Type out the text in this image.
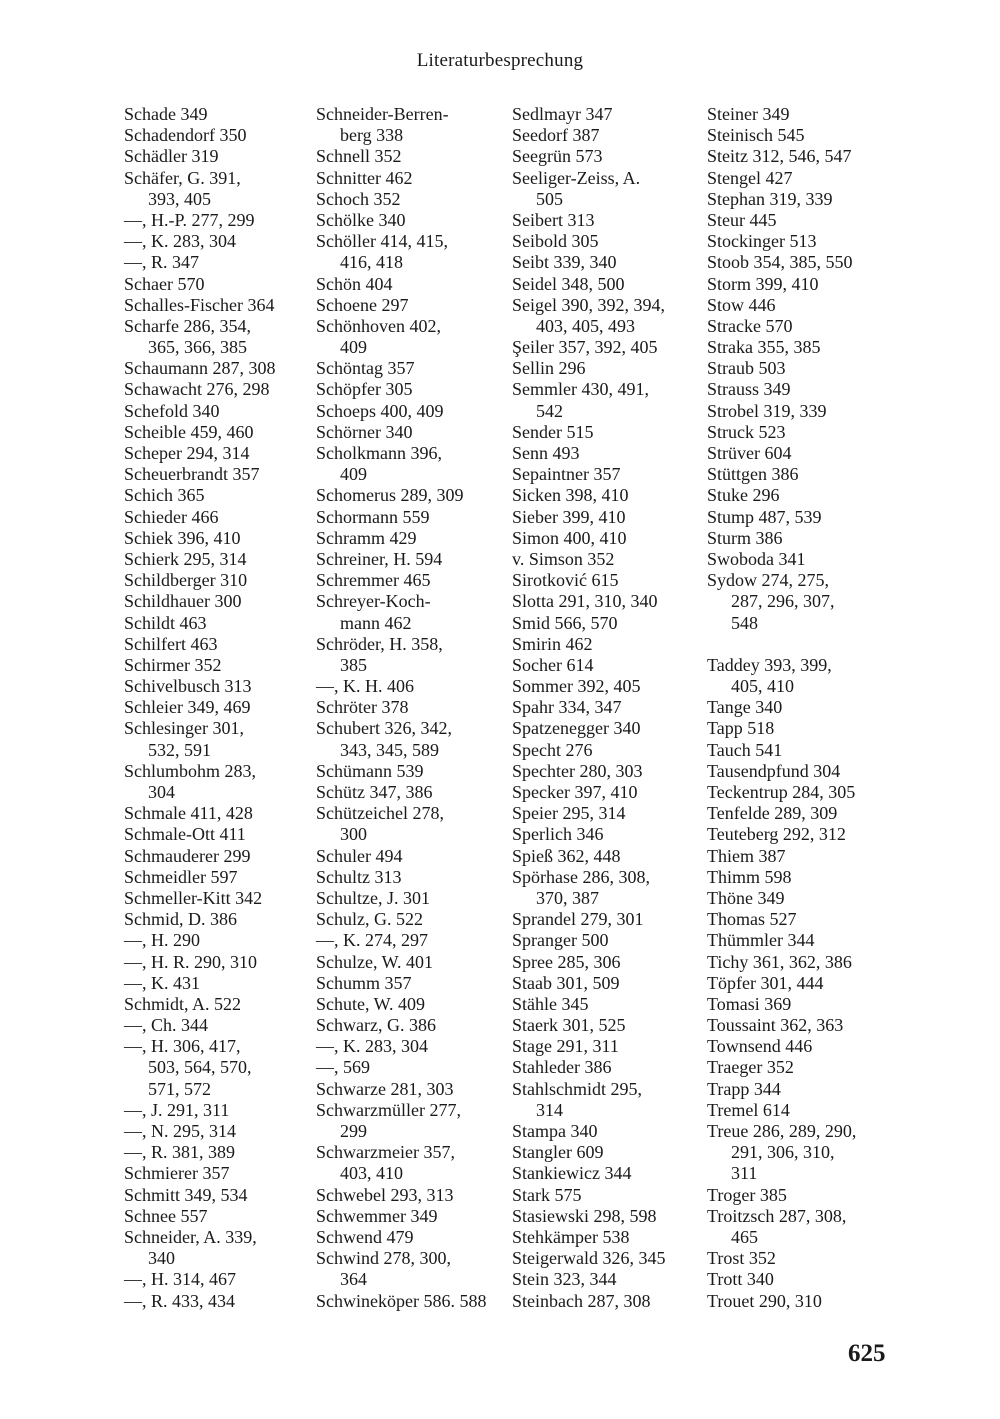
Literaturbesprechung
Schade 349
Schadendorf 350
Schädler 319
Schäfer, G. 391,
393, 405
—, H.-P. 277, 299
—, K. 283, 304
—, R. 347
Schaer 570
Schalles-Fischer 364
Scharfe 286, 354,
365, 366, 385
Schaumann 287, 308
Schawacht 276, 298
Schefold 340
Scheible 459, 460
Scheper 294, 314
Scheuerbrandt 357
Schich 365
Schieder 466
Schiek 396, 410
Schierk 295, 314
Schildberger 310
Schildhauer 300
Schildt 463
Schilfert 463
Schirmer 352
Schivelbusch 313
Schleier 349, 469
Schlesinger 301,
532, 591
Schlumbohm 283,
304
Schmale 411, 428
Schmale-Ott 411
Schmauderer 299
Schmeidler 597
Schmeller-Kitt 342
Schmid, D. 386
—, H. 290
—, H. R. 290, 310
—, K. 431
Schmidt, A. 522
—, Ch. 344
—, H. 306, 417,
503, 564, 570,
571, 572
—, J. 291, 311
—, N. 295, 314
—, R. 381, 389
Schmierer 357
Schmitt 349, 534
Schnee 557
Schneider, A. 339,
340
—, H. 314, 467
—, R. 433, 434
Schneider-Berren-
berg 338
Schnell 352
Schnitter 462
Schoch 352
Schölke 340
Schöller 414, 415,
416, 418
Schön 404
Schoene 297
Schönhoven 402,
409
Schöntag 357
Schöpfer 305
Schoeps 400, 409
Schörner 340
Scholkmann 396,
409
Schomerus 289, 309
Schormann 559
Schramm 429
Schreiner, H. 594
Schremmer 465
Schreyer-Koch-
mann 462
Schröder, H. 358,
385
—, K. H. 406
Schröter 378
Schubert 326, 342,
343, 345, 589
Schümann 539
Schütz 347, 386
Schützeichel 278,
300
Schuler 494
Schultz 313
Schultze, J. 301
Schulz, G. 522
—, K. 274, 297
Schulze, W. 401
Schumm 357
Schute, W. 409
Schwarz, G. 386
—, K. 283, 304
—, 569
Schwarze 281, 303
Schwarzmüller 277,
299
Schwarzmeier 357,
403, 410
Schwebel 293, 313
Schwemmer 349
Schwend 479
Schwind 278, 300,
364
Schwineköper 586. 588
Sedlmayr 347
Seedorf 387
Seegrün 573
Seeliger-Zeiss, A.
505
Seibert 313
Seibold 305
Seibt 339, 340
Seidel 348, 500
Seigel 390, 392, 394,
403, 405, 493
Şeiler 357, 392, 405
Sellin 296
Semmler 430, 491,
542
Sender 515
Senn 493
Sepaintner 357
Sicken 398, 410
Sieber 399, 410
Simon 400, 410
v. Simson 352
Sirotković 615
Slotta 291, 310, 340
Smid 566, 570
Smirin 462
Socher 614
Sommer 392, 405
Spahr 334, 347
Spatzenegger 340
Specht 276
Spechter 280, 303
Specker 397, 410
Speier 295, 314
Sperlich 346
Spieß 362, 448
Spörhase 286, 308,
370, 387
Sprandel 279, 301
Spranger 500
Spree 285, 306
Staab 301, 509
Stähle 345
Staerk 301, 525
Stage 291, 311
Stahleder 386
Stahlschmidt 295,
314
Stampa 340
Stangler 609
Stankiewicz 344
Stark 575
Stasiewski 298, 598
Stehkämper 538
Steigerwald 326, 345
Stein 323, 344
Steinbach 287, 308
Steiner 349
Steinisch 545
Steitz 312, 546, 547
Stengel 427
Stephan 319, 339
Steur 445
Stockinger 513
Stoob 354, 385, 550
Storm 399, 410
Stow 446
Stracke 570
Straka 355, 385
Straub 503
Strauss 349
Strobel 319, 339
Struck 523
Strüver 604
Stüttgen 386
Stuke 296
Stump 487, 539
Sturm 386
Swoboda 341
Sydow 274, 275,
287, 296, 307,
548
Taddey 393, 399,
405, 410
Tange 340
Tapp 518
Tauch 541
Tausendpfund 304
Teckentrup 284, 305
Tenfelde 289, 309
Teuteberg 292, 312
Thiem 387
Thimm 598
Thöne 349
Thomas 527
Thümmler 344
Tichy 361, 362, 386
Töpfer 301, 444
Tomasi 369
Toussaint 362, 363
Townsend 446
Traeger 352
Trapp 344
Tremel 614
Treue 286, 289, 290,
291, 306, 310,
311
Troger 385
Troitzsch 287, 308,
465
Trost 352
Trott 340
Trouet 290, 310
625
